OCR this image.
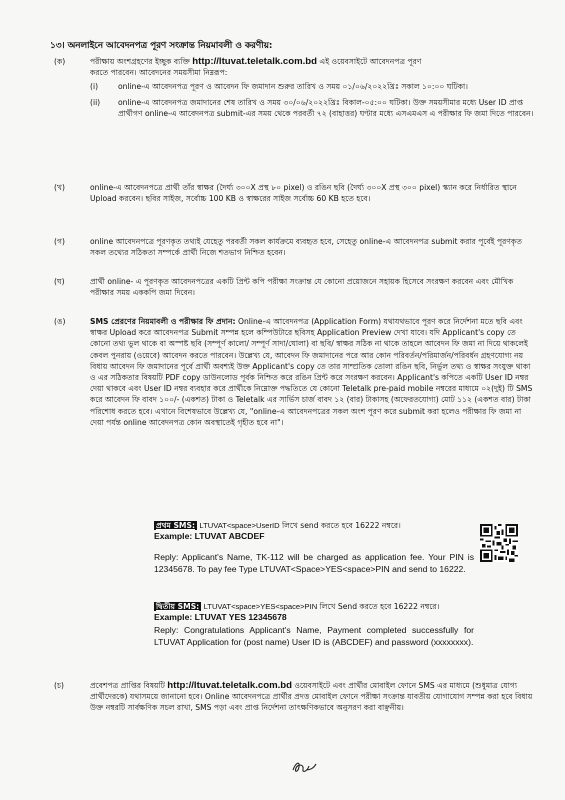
১৩। অনলাইনে আবেদনপত্র পূরণ সংক্রান্ত নিয়মাবলী ও করণীয়:
(ক)	পরীক্ষায় অংশগ্রহণের ইচ্ছুক ব্যক্তি http://ltuvat.teletalk.com.bd এই ওয়েবসাইটে আবেদনপত্র পূরণ
করতে পারবেন। আবেদনের সময়সীমা নিম্নরূপ:
(i)	online-এ আবেদনপত্র পূরণ ও আবেদন ফি জমাদান শুরুর তারিখ ও সময় ০১/০৬/২০২২খ্রিঃ সকাল ১০:০০ ঘটিকা।
(ii)	online-এ আবেদনপত্র জমাদানের শেষ তারিখ ও সময় ৩০/০৬/২০২২খ্রিঃ বিকাল-০৫:০০ ঘটিকা। উক্ত সময়সীমার মধ্যে User ID প্রাপ্ত প্রার্থীগণ online-এ আবেদনপত্র submit-এর সময় থেকে পরবর্তী ৭২ (বাহাত্তর) ঘণ্টার মধ্যে এসএমএস এ পরীক্ষার ফি জমা দিতে পারবেন।
(খ)	online-এ আবেদনপত্রে প্রার্থী তাঁর স্বাক্ষর (দৈর্ঘ্য ৩০০X প্রস্থ ৮০ pixel) ও রঙিন ছবি (দৈর্ঘ্য ৩০০X প্রস্থ ৩০০ pixel) স্ক্যান করে নির্ধারিত স্থানে Upload করবেন। ছবির সাইজ, সর্বোচ্চ 100 KB ও স্বাক্ষরের সাইজ সর্বোচ্চ 60 KB হতে হবে।
(গ)	online আবেদনপত্রে পূরণকৃত তথ্যই যেহেতু পরবর্তী সকল কার্যক্রমে ব্যবহৃত হবে, সেহেতু online-এ আবেদনপত্র submit করার পূর্বেই পূরণকৃত সকল তথ্যের সঠিকতা সম্পর্কে প্রার্থী নিজে শতভাগ নিশ্চিত হবেন।
(ঘ)	প্রার্থী online- এ পূরণকৃত আবেদনপত্রের একটি প্রিন্ট কপি পরীক্ষা সংক্রান্ত যে কোনো প্রয়োজনে সহায়ক হিসেবে সংরক্ষণ করবেন এবং মৌখিক পরীক্ষার সময় এককপি জমা দিবেন।
(ঙ)	SMS প্রেরণের নিয়মাবলী ও পরীক্ষার ফি প্রদান: Online-এ আবেদনপত্র (Application Form) যথাযথভাবে পূরণ করে নির্দেশনা মতে ছবি এবং স্বাক্ষর Upload করে আবেদনপত্র Submit সম্পন্ন হলে কম্পিউটারে ছবিসহ Application Preview দেখা যাবে। যদি Applicant's copy তে কোনো তথ্য ভুল থাকে বা অস্পষ্ট ছবি (সম্পূর্ণ কালো/ সম্পূর্ণ সাদা/ঘোলা) বা ছবি/ স্বাক্ষর সঠিক না থাকে তাহলে আবেদন ফি জমা না দিয়ে থাকলেই কেবল পুনরায় (ওয়েবে) আবেদন করতে পারবেন। উল্লেখ্য যে, আবেদন ফি জমাদানের পরে আর কোন পরিবর্তন/পরিমার্জন/পরিবর্ধন গ্রহণযোগ্য নয় বিধায় আবেদন ফি জমাদানের পূর্বে প্রার্থী অবশ্যই উক্ত Applicant's copy তে তার সাম্প্রতিক তোলা রঙিন ছবি, নির্ভুল তথ্য ও স্বাক্ষর সংযুক্ত থাকা ও এর সঠিকতার বিষয়টি PDF copy ডাউনলোড পূর্বক নিশ্চিত করে রঙিন প্রিন্ট করে সংরক্ষণ করবেন। Applicant's কপিতে একটি User ID নম্বর দেয়া থাকবে এবং User ID নম্বর ব্যবহার করে প্রার্থীকে নিম্নোক্ত পদ্ধতিতে যে কোনো Teletalk pre-paid mobile নম্বরের মাধ্যমে ০২(দুই) টি SMS করে আবেদন ফি বাবদ ১০০/- (একশত) টাকা ও Teletalk এর সার্ভিস চার্জ বাবদ ১২ (বার) টাকাসহ (অফেরতযোগ্য) মোট ১১২ (একশত বার) টাকা পরিশোধ করতে হবে। এখানে বিশেষভাবে উল্লেখ্য যে, "online-এ আবেদনপত্রের সকল অংশ পূরণ করে submit করা হলেও পরীক্ষার ফি জমা না দেয়া পর্যন্ত online আবেদনপত্র কোন অবস্থাতেই গৃহীত হবে না"।
প্রথম SMS: LTUVAT<space>UserID লিখে send করতে হবে 16222 নম্বরে।
Example: LTUVAT ABCDEF
Reply: Applicant's Name, TK-112 will be charged as application fee. Your PIN is 12345678. To pay fee Type LTUVAT<Space>YES<space>PIN and send to 16222.
দ্বিতীয় SMS: LTUVAT<space>YES<space>PIN লিখে Send করতে হবে 16222 নম্বরে।
Example: LTUVAT YES 12345678
Reply: Congratulations Applicant's Name, Payment completed successfully for LTUVAT Application for (post name) User ID is (ABCDEF) and password (xxxxxxxx).
(চ)	প্রবেশপত্র প্রাপ্তির বিষয়টি http://ltuvat.teletalk.com.bd ওয়েবসাইটে এবং প্রার্থীর মোবাইল ফোনে SMS এর মাধ্যমে (শুধুমাত্র যোগ্য প্রার্থীদেরকে) যথাসময়ে জানানো হবে। Online আবেদনপত্রে প্রার্থীর প্রদত্ত মোবাইল ফোনে পরীক্ষা সংক্রান্ত যাবতীয় যোগাযোগ সম্পন্ন করা হবে বিধায় উক্ত নম্বরটি সার্বক্ষণিক সচল রাখা, SMS পড়া এবং প্রাপ্ত নির্দেশনা তাৎক্ষণিকভাবে অনুসরণ করা বাঞ্ছনীয়।
